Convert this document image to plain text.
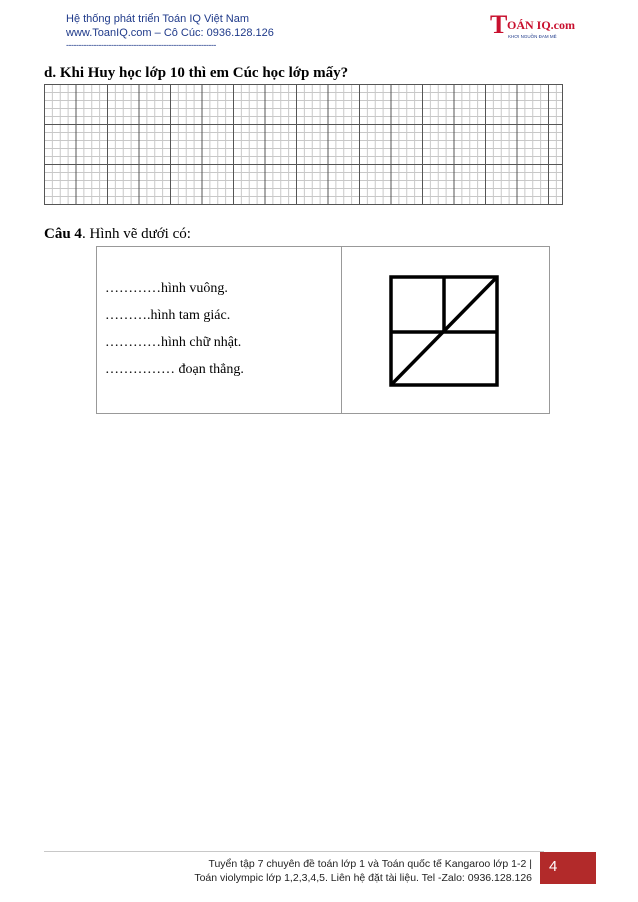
Hệ thống phát triển Toán IQ Việt Nam
www.ToanIQ.com – Cô Cúc: 0936.128.126
------------------------------------------------------------
T OÁN IQ.com
KHƠI NGUỒN ĐAM MÊ
d. Khi Huy học lớp 10 thì em Cúc học lớp mấy?
Câu 4. Hình vẽ dưới có:
…………hình vuông.
……….hình tam giác.
…………hình chữ nhật.
…………… đoạn thẳng.
Tuyển tập 7 chuyên đề toán lớp 1 và Toán quốc tế Kangaroo lớp 1-2 |
Toán violympic lớp 1,2,3,4,5. Liên hệ đặt tài liệu. Tel -Zalo: 0936.128.126
4
